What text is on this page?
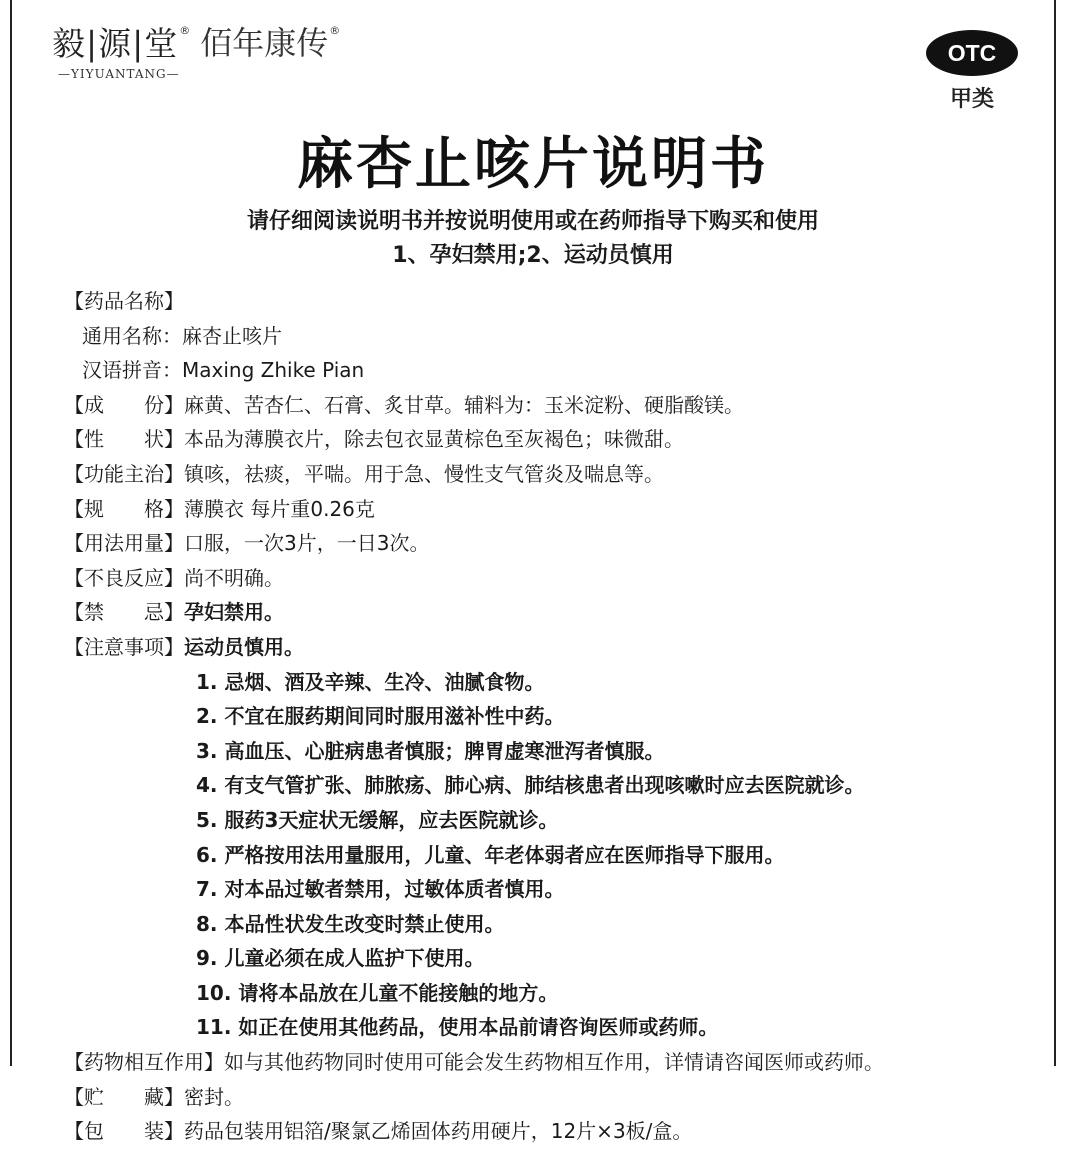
毅|源|堂 ® 佰年康传 ®
—YIYUANTANG—
OTC
甲类
麻杏止咳片说明书
请仔细阅读说明书并按说明使用或在药师指导下购买和使用
1、孕妇禁用;2、运动员慎用
【药品名称】
通用名称：麻杏止咳片
汉语拼音：Maxing Zhike Pian
【成　　份】麻黄、苦杏仁、石膏、炙甘草。辅料为：玉米淀粉、硬脂酸镁。
【性　　状】本品为薄膜衣片，除去包衣显黄棕色至灰褐色；味微甜。
【功能主治】镇咳，祛痰，平喘。用于急、慢性支气管炎及喘息等。
【规　　格】薄膜衣 每片重0.26克
【用法用量】口服，一次3片，一日3次。
【不良反应】尚不明确。
【禁　　忌】孕妇禁用。
【注意事项】运动员慎用。
1. 忌烟、酒及辛辣、生冷、油腻食物。
2. 不宜在服药期间同时服用滋补性中药。
3. 高血压、心脏病患者慎服；脾胃虚寒泄泻者慎服。
4. 有支气管扩张、肺脓疡、肺心病、肺结核患者出现咳嗽时应去医院就诊。
5. 服药3天症状无缓解，应去医院就诊。
6. 严格按用法用量服用，儿童、年老体弱者应在医师指导下服用。
7. 对本品过敏者禁用，过敏体质者慎用。
8. 本品性状发生改变时禁止使用。
9. 儿童必须在成人监护下使用。
10. 请将本品放在儿童不能接触的地方。
11. 如正在使用其他药品，使用本品前请咨询医师或药师。
【药物相互作用】如与其他药物同时使用可能会发生药物相互作用，详情请咨闻医师或药师。
【贮　　藏】密封。
【包　　装】药品包装用铝箔/聚氯乙烯固体药用硬片，12片×3板/盒。
